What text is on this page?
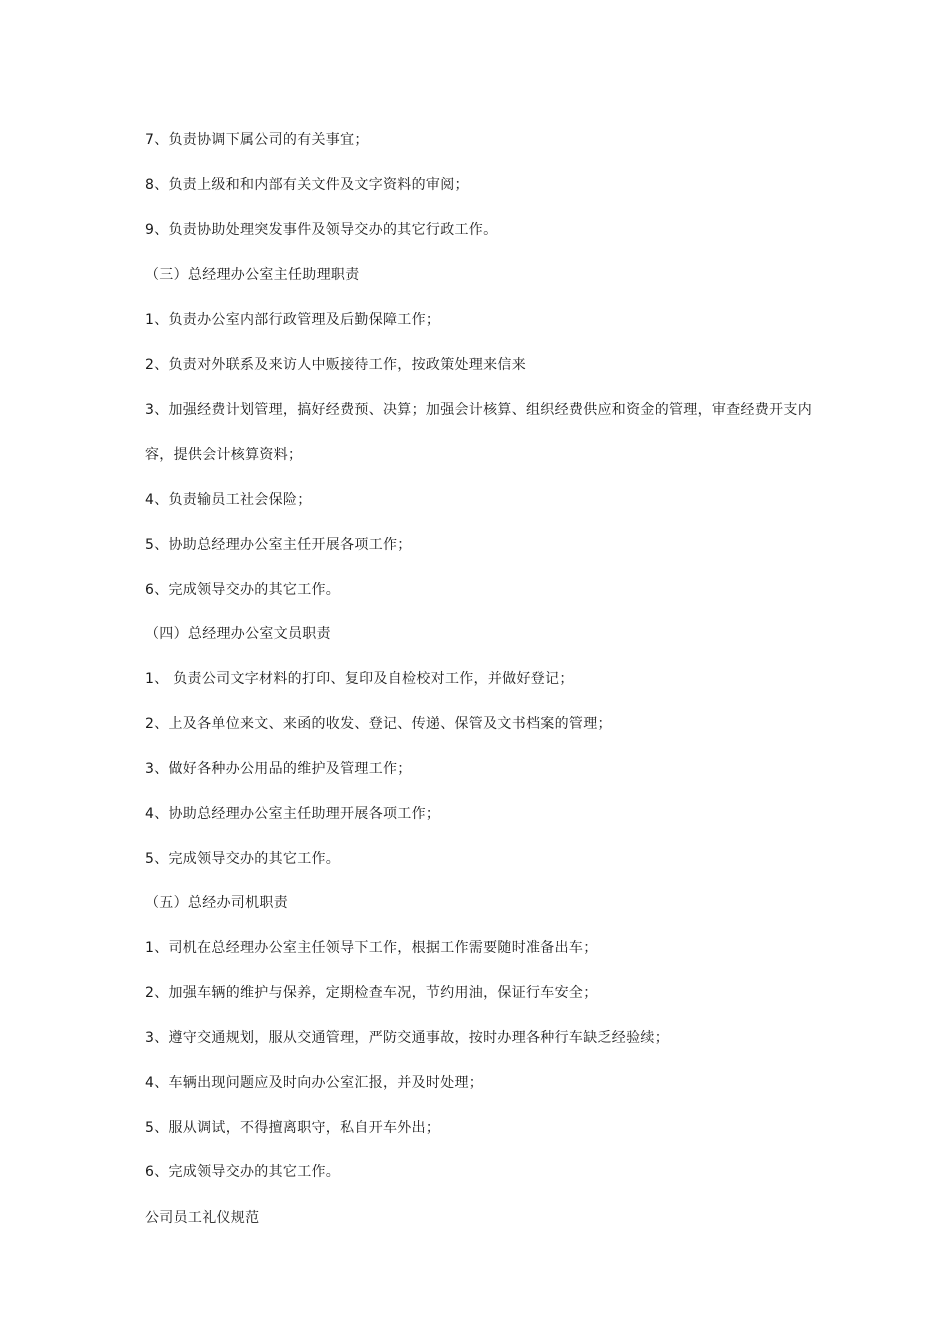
7、负责协调下属公司的有关事宜；
8、负责上级和和内部有关文件及文字资料的审阅；
9、负责协助处理突发事件及领导交办的其它行政工作。
（三）总经理办公室主任助理职责
1、负责办公室内部行政管理及后勤保障工作；
2、负责对外联系及来访人中贩接待工作，按政策处理来信来
3、加强经费计划管理，搞好经费预、决算；加强会计核算、组织经费供应和资金的管理，审查经费开支内
容，提供会计核算资料；
4、负责输员工社会保险；
5、协助总经理办公室主任开展各项工作；
6、完成领导交办的其它工作。
（四）总经理办公室文员职责
1、 负责公司文字材料的打印、复印及自检校对工作，并做好登记；
2、上及各单位来文、来函的收发、登记、传递、保管及文书档案的管理；
3、做好各种办公用品的维护及管理工作；
4、协助总经理办公室主任助理开展各项工作；
5、完成领导交办的其它工作。
（五）总经办司机职责
1、司机在总经理办公室主任领导下工作，根据工作需要随时准备出车；
2、加强车辆的维护与保养，定期检查车况，节约用油，保证行车安全；
3、遵守交通规划，服从交通管理，严防交通事故，按时办理各种行车缺乏经验续；
4、车辆出现问题应及时向办公室汇报，并及时处理；
5、服从调试，不得擅离职守，私自开车外出；
6、完成领导交办的其它工作。
公司员工礼仪规范
